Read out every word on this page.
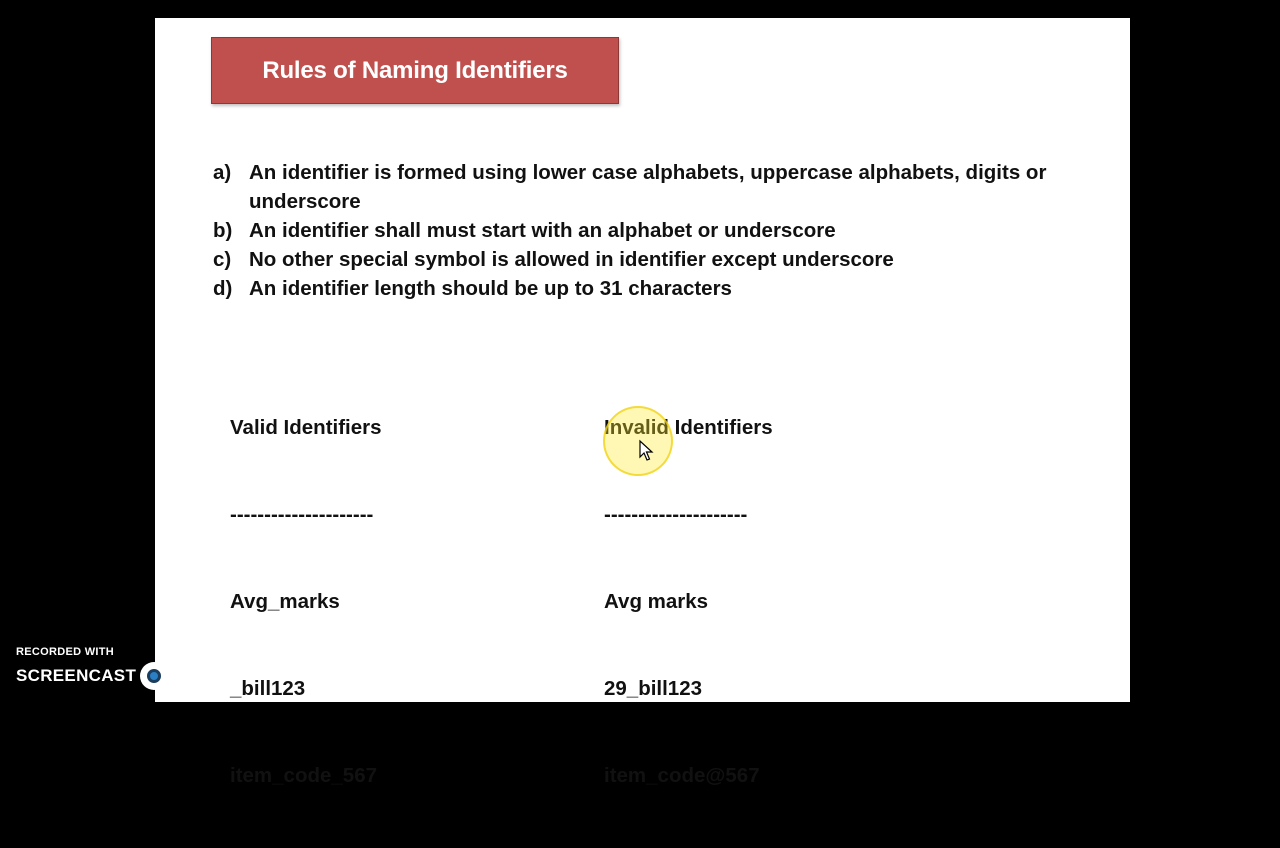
Rules of Naming Identifiers
a) An identifier is formed using lower case alphabets, uppercase alphabets, digits or underscore
b) An identifier shall must start with an alphabet or underscore
c) No other special symbol is allowed in identifier except underscore
d) An identifier length should be up to 31 characters

Valid Identifiers

---------------------

Avg_marks

_bill123

item_code_567

Invalid Identifiers

---------------------

Avg marks

29_bill123

item_code@567

RECORDED WITH
SCREENCAST MATIC
